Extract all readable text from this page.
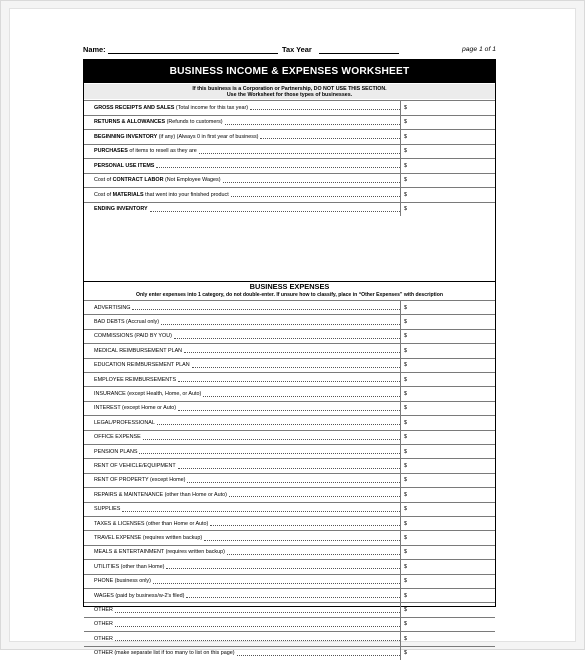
Name:	Tax Year	page 1 of 1
BUSINESS INCOME & EXPENSES WORKSHEET
If this business is a Corporation or Partnership, DO NOT USE THIS SECTION.
Use the Worksheet for those types of businesses.
BUSINESS EXPENSES
Only enter expenses into 1 category, do not double-enter. If unsure how to classify, place in “Other Expenses” with description
GROSS RECEIPTS AND SALES (Total income for this tax year)	$
RETURNS & ALLOWANCES (Refunds to customers)	$
BEGINNING INVENTORY (if any) (Always 0 in first year of business)	$
PURCHASES of items to resell as they are	$
PERSONAL USE ITEMS	$
Cost of CONTRACT LABOR (Not Employee Wages)	$
Cost of MATERIALS that went into your finished product	$
ENDING INVENTORY	$
ADVERTISING	$
BAD DEBTS (Accrual only)	$
COMMISSIONS (PAID BY YOU)	$
MEDICAL REIMBURSEMENT PLAN	$
EDUCATION REIMBURSEMENT PLAN	$
EMPLOYEE REIMBURSEMENTS	$
INSURANCE (except Health, Home, or Auto)	$
INTEREST (except Home or Auto)	$
LEGAL/PROFESSIONAL	$
OFFICE EXPENSE	$
PENSION PLANS	$
RENT OF VEHICLE/EQUIPMENT	$
RENT OF PROPERTY (except Home)	$
REPAIRS & MAINTENANCE (other than Home or Auto)	$
SUPPLIES	$
TAXES & LICENSES (other than Home or Auto)	$
TRAVEL EXPENSE (requires written backup)	$
MEALS & ENTERTAINMENT (requires written backup)	$
UTILITIES (other than Home)	$
PHONE (business only)	$
WAGES (paid by business/w-2's filed)	$
OTHER	$
OTHER	$
OTHER	$
OTHER (make separate list if too many to list on this page)	$
